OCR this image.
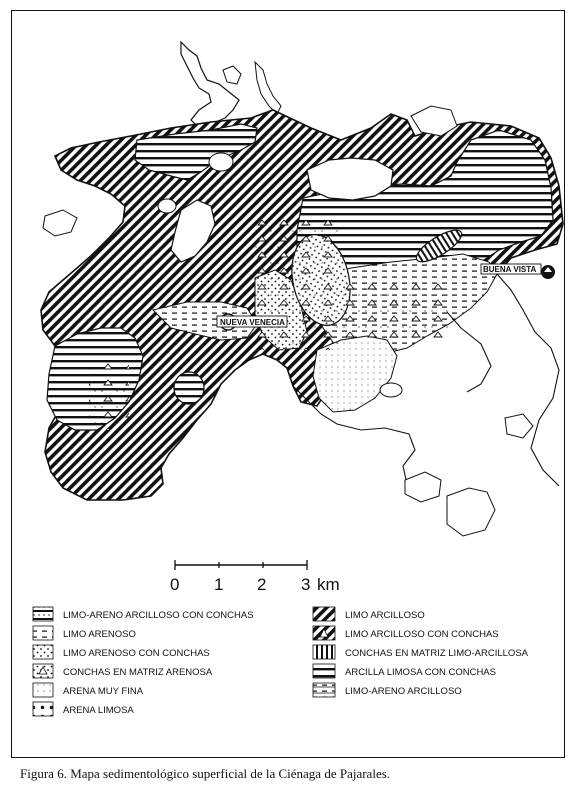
NUEVA VENECIA
BUENA VISTA
0 1 2 3 km
LIMO-ARENO ARCILLOSO CON CONCHAS
LIMO ARENOSO
LIMO ARENOSO CON CONCHAS
CONCHAS EN MATRIZ ARENOSA
ARENA MUY FINA
ARENA LIMOSA
LIMO ARCILLOSO
LIMO ARCILLOSO CON CONCHAS
CONCHAS EN MATRIZ LIMO-ARCILLOSA
ARCILLA LIMOSA CON CONCHAS
LIMO-ARENO ARCILLOSO
Figura 6. Mapa sedimentológico superficial de la Ciénaga de Pajarales.
